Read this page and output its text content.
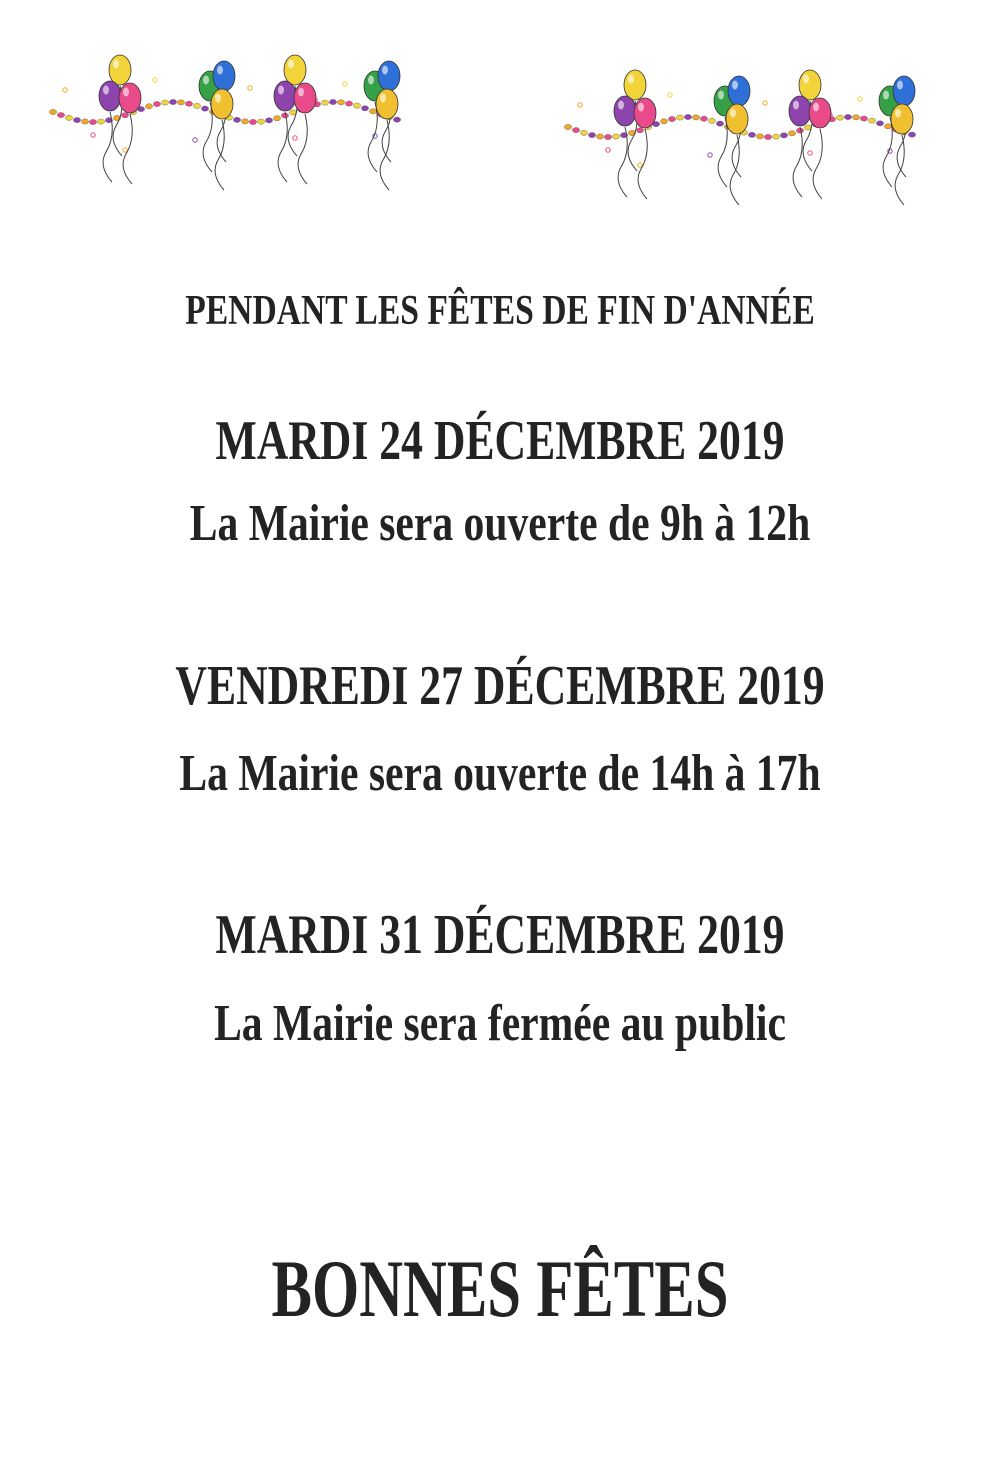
PENDANT LES FÊTES DE FIN D'ANNÉE
MARDI 24 DÉCEMBRE 2019
La Mairie sera ouverte de 9h à 12h
VENDREDI 27 DÉCEMBRE 2019
La Mairie sera ouverte de 14h à 17h
MARDI 31 DÉCEMBRE 2019
La Mairie sera fermée au public
BONNES FÊTES
